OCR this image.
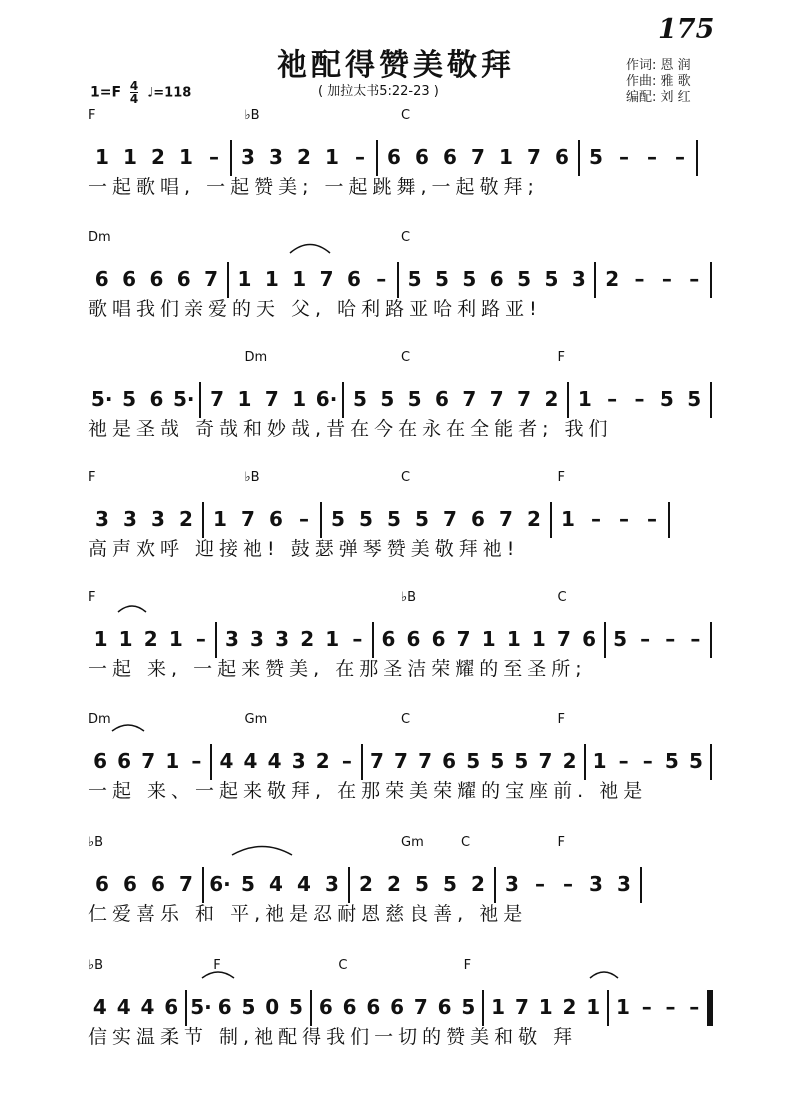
175
祂配得赞美敬拜
( 加拉太书5:22-23 )
$1=F \frac{4}{4}$ ♩=118
作词: 恩 润
作曲: 雅 歌
编配: 刘 红
F	♭B	C
1 1 2 1 –	3 3 2 1 –	6 6 6 7 1 7 6	5 – – –
一起歌唱, 一起赞美; 一起跳舞,一起敬拜;
Dm	C
6 6 6 6 7 1 1 1 7 6 –	5 5 5 6 5 5 3 2 – – –
歌唱我们亲爱的天 父, 哈利路亚哈利路亚!
Dm	C	F
5· 5 6 5· 7 1 7 1 6· 5 5 5 6 7 7 7 2 1 – – 5 5
祂是圣哉 奇哉和妙哉,昔在今在永在全能者; 我们
F	♭B	C	F
3 3 3 2	1 7 6 –	5 5 5 5 7 6 7 2	1 – – –
高声欢呼 迎接祂! 鼓瑟弹琴赞美敬拜祂!
F	♭B	C
1 1 2 1 – 3 3 3 2 1 – 6 6 6 7 1 1 1 7 6 5 – – –
一起 来, 一起来赞美, 在那圣洁荣耀的至圣所;
Dm	Gm	C	F
6 6 7 1 – 4 4 4 3 2 – 7 7 7 6 5 5 5 7 2 1 – – 5 5
一起 来、一起来敬拜, 在那荣美荣耀的宝座前. 祂是
♭B	Gm	C	F
6 6 6 7 6· 5 4 4 3	2 2 5 5 2	3 – – 3 3
仁爱喜乐 和 平,祂是忍耐恩慈良善, 祂是
♭B	F	C	F
4 4 4 6 5· 6 5 0 5 6 6 6 6 7 6 5 1 7 1 2 1 1 – – –
信实温柔节 制,祂配得我们一切的赞美和敬 拜
